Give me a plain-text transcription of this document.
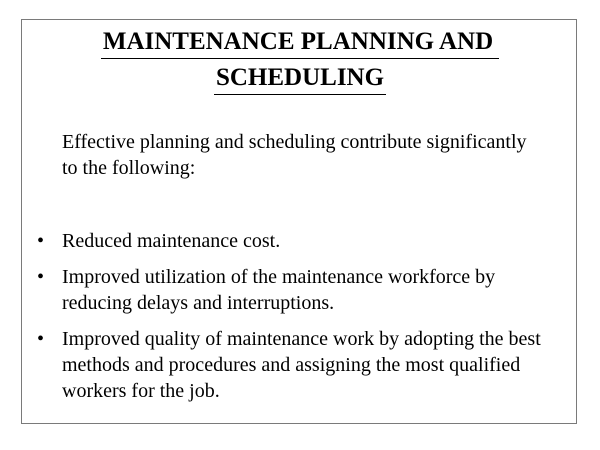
MAINTENANCE PLANNING AND
SCHEDULING

Effective planning and scheduling contribute significantly to the following:

• Reduced maintenance cost.
• Improved utilization of the maintenance workforce by reducing delays and interruptions.
• Improved quality of maintenance work by adopting the best methods and procedures and assigning the most qualified workers for the job.
